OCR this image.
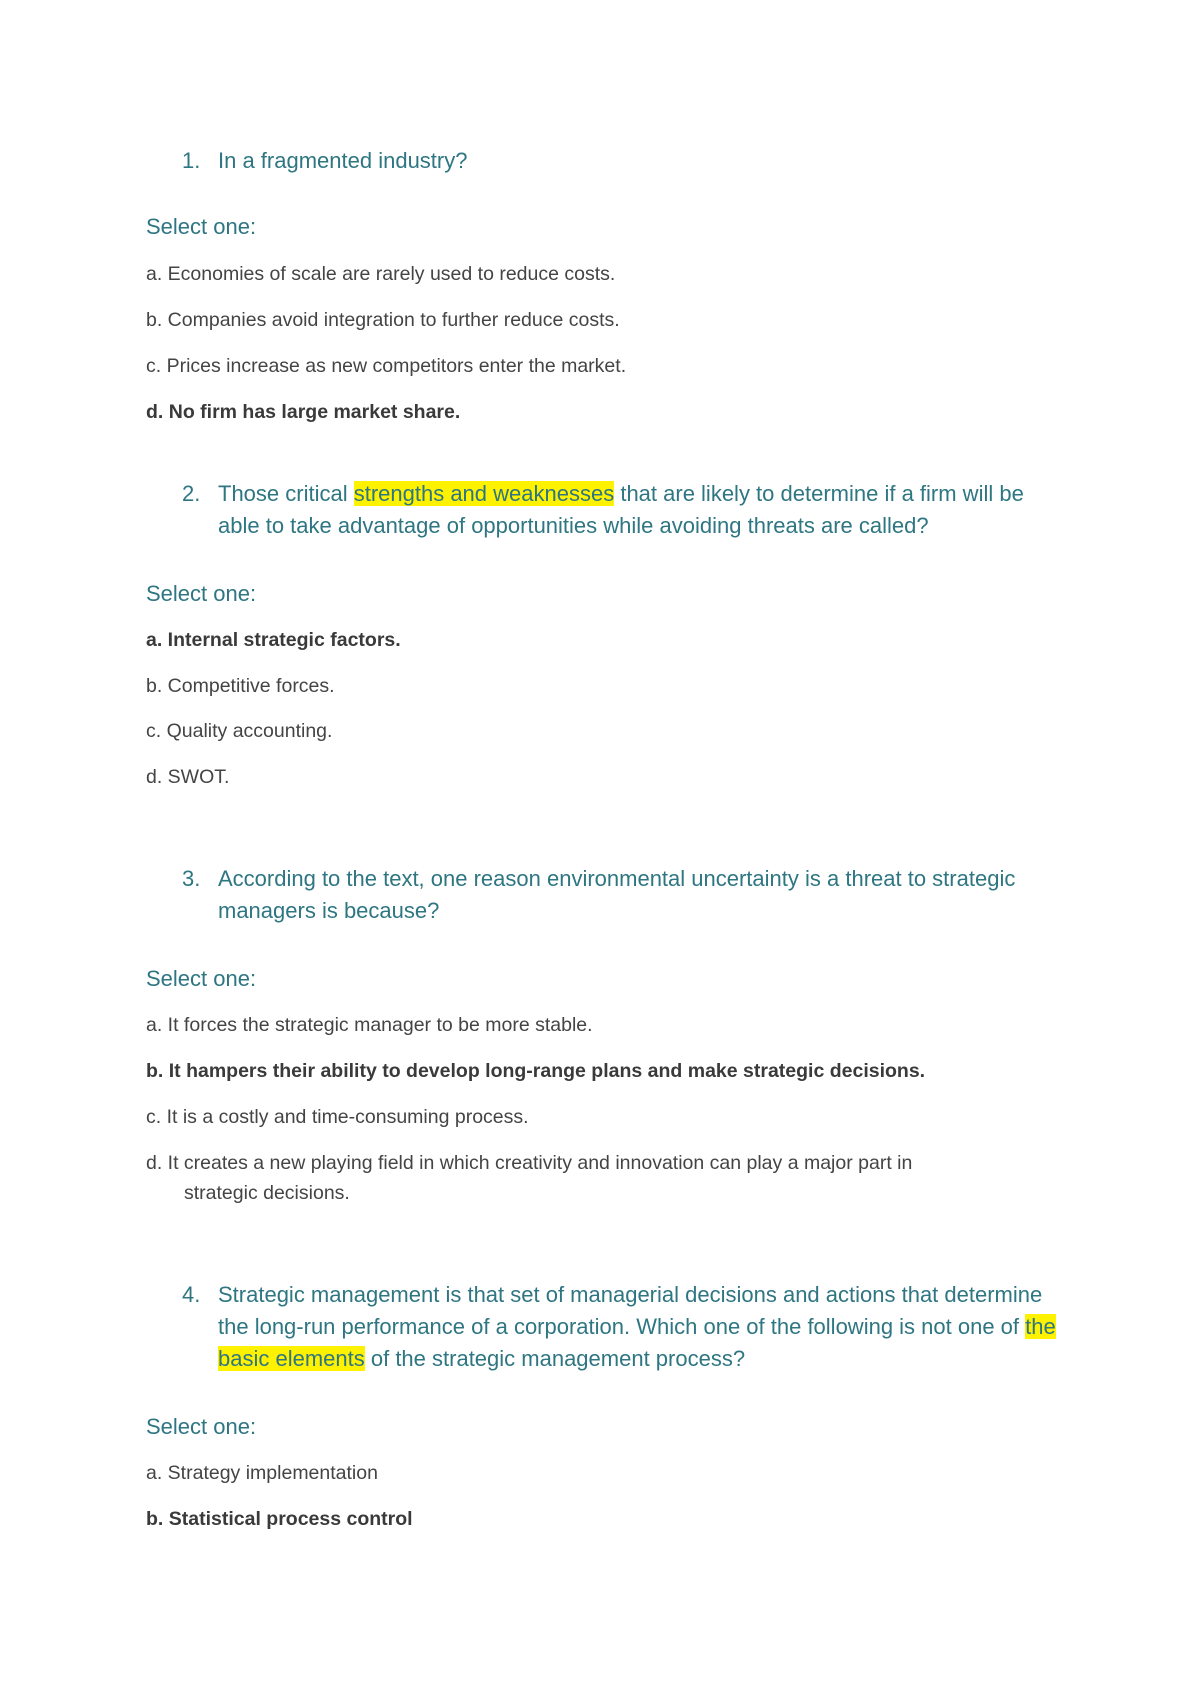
1. In a fragmented industry?
Select one:
a. Economies of scale are rarely used to reduce costs.
b. Companies avoid integration to further reduce costs.
c. Prices increase as new competitors enter the market.
d. No firm has large market share.
2. Those critical strengths and weaknesses that are likely to determine if a firm will be able to take advantage of opportunities while avoiding threats are called?
Select one:
a. Internal strategic factors.
b. Competitive forces.
c. Quality accounting.
d. SWOT.
3. According to the text, one reason environmental uncertainty is a threat to strategic managers is because?
Select one:
a. It forces the strategic manager to be more stable.
b. It hampers their ability to develop long-range plans and make strategic decisions.
c. It is a costly and time-consuming process.
d. It creates a new playing field in which creativity and innovation can play a major part in
strategic decisions.
4. Strategic management is that set of managerial decisions and actions that determine the long-run performance of a corporation. Which one of the following is not one of the basic elements of the strategic management process?
Select one:
a. Strategy implementation
b. Statistical process control
